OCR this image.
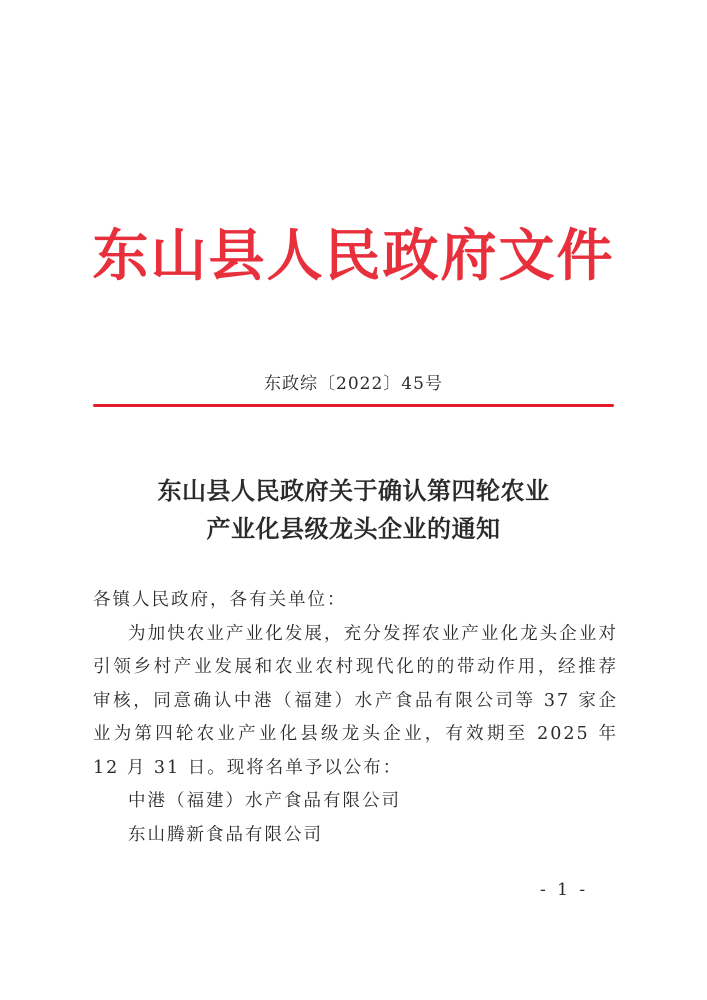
东山县人民政府文件
东政综〔2022〕45号
东山县人民政府关于确认第四轮农业
产业化县级龙头企业的通知

各镇人民政府，各有关单位：

为加快农业产业化发展，充分发挥农业产业化龙头企业对引领乡村产业发展和农业农村现代化的的带动作用，经推荐审核，同意确认中港（福建）水产食品有限公司等 37 家企业为第四轮农业产业化县级龙头企业，有效期至 2025 年 12 月 31 日。现将名单予以公布：

中港（福建）水产食品有限公司

东山腾新食品有限公司

- 1 -
